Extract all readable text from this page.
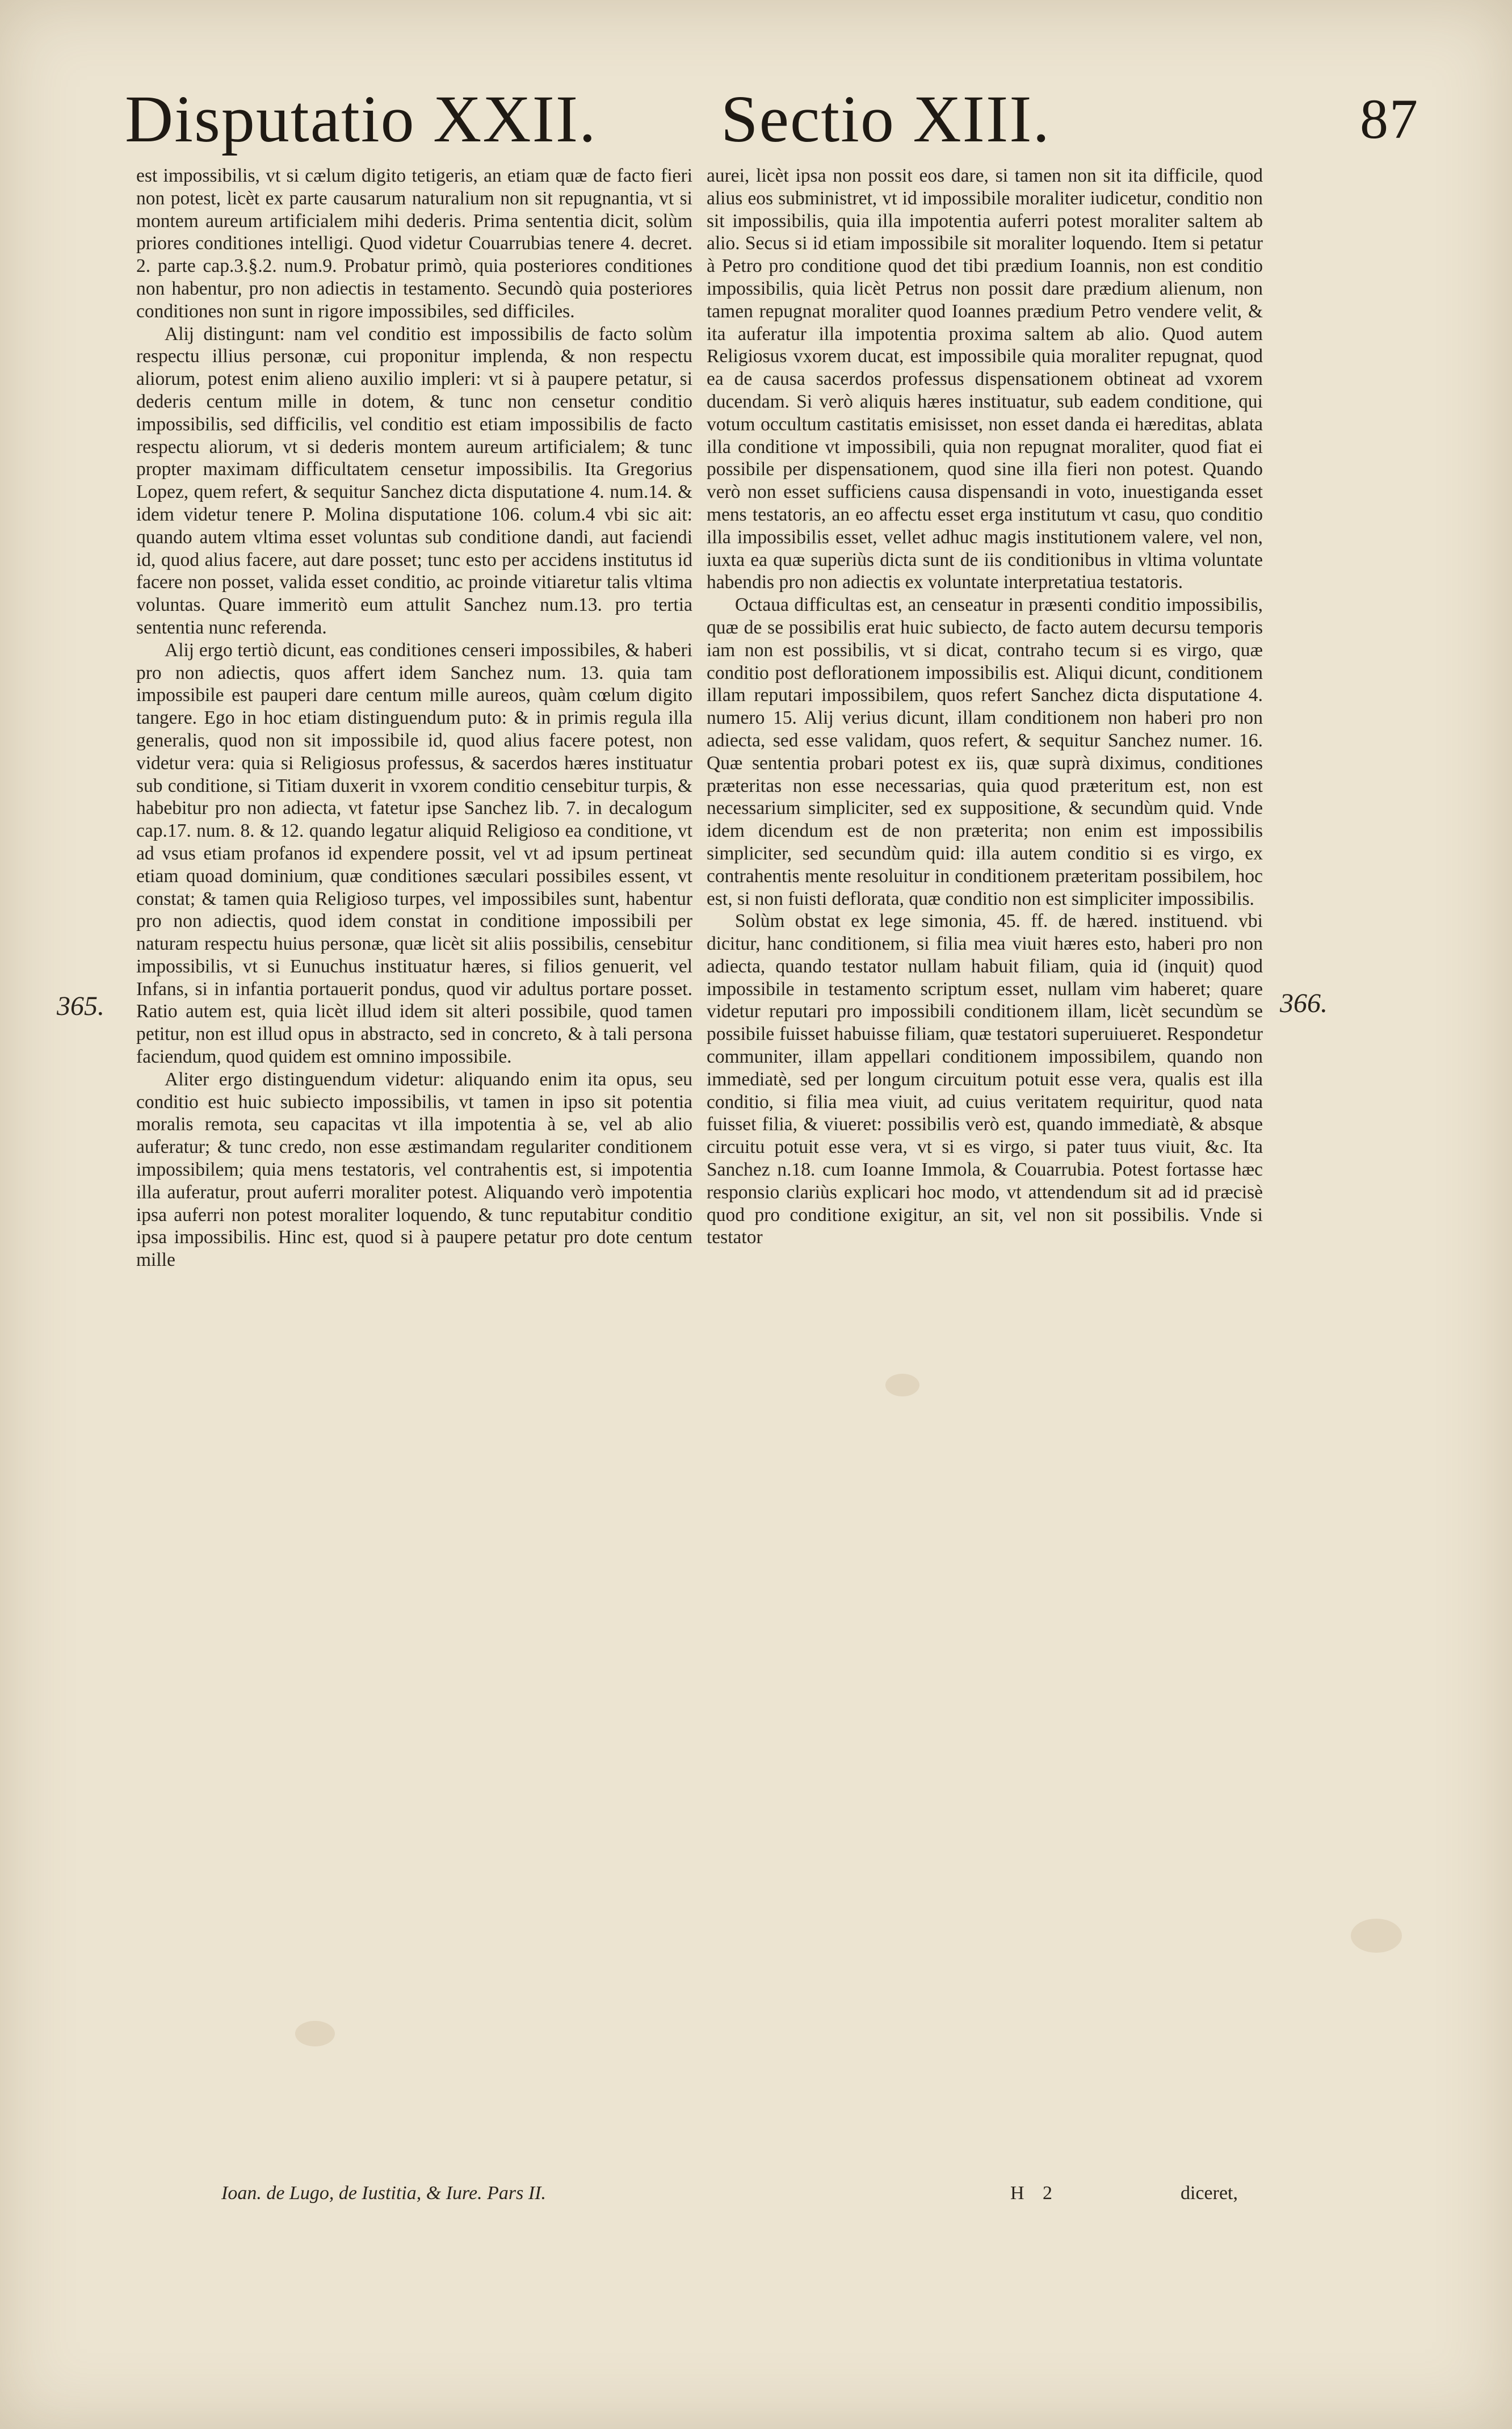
Disputatio XXII. Sectio XIII.	87

est impossibilis, vt si cælum digito tetigeris, an etiam quæ de facto fieri non potest, licèt ex parte causarum naturalium non sit repugnantia, vt si montem aureum artificialem mihi dederis. Prima sententia dicit, solùm priores conditiones intelligi. Quod videtur Couarrubias tenere 4. decret. 2. parte cap.3.§.2. num.9. Probatur primò, quia posteriores conditiones non habentur, pro non adiectis in testamento. Secundò quia posteriores conditiones non sunt in rigore impossibiles, sed difficiles.

Alij distingunt: nam vel conditio est impossibilis de facto solùm respectu illius personæ, cui proponitur implenda, & non respectu aliorum, potest enim alieno auxilio impleri: vt si à paupere petatur, si dederis centum mille in dotem, & tunc non censetur conditio impossibilis, sed difficilis, vel conditio est etiam impossibilis de facto respectu aliorum, vt si dederis montem aureum artificialem; & tunc propter maximam difficultatem censetur impossibilis. Ita Gregorius Lopez, quem refert, & sequitur Sanchez dicta disputatione 4. num.14. & idem videtur tenere P. Molina disputatione 106. colum.4 vbi sic ait: quando autem vltima esset voluntas sub conditione dandi, aut faciendi id, quod alius facere, aut dare posset; tunc esto per accidens institutus id facere non posset, valida esset conditio, ac proinde vitiaretur talis vltima voluntas. Quare immeritò eum attulit Sanchez num.13. pro tertia sententia nunc referenda.

Alij ergo tertiò dicunt, eas conditiones censeri impossibiles, & haberi pro non adiectis, quos affert idem Sanchez num. 13. quia tam impossibile est pauperi dare centum mille aureos, quàm cœlum digito tangere. Ego in hoc etiam distinguendum puto: & in primis regula illa generalis, quod non sit impossibile id, quod alius facere potest, non videtur vera: quia si Religiosus professus, & sacerdos hæres instituatur sub conditione, si Titiam duxerit in vxorem conditio censebitur turpis, & habebitur pro non adiecta, vt fatetur ipse Sanchez lib. 7. in decalogum cap.17. num. 8. & 12. quando legatur aliquid Religioso ea conditione, vt ad vsus etiam profanos id expendere possit, vel vt ad ipsum pertineat etiam quoad dominium, quæ conditiones sæculari possibiles essent, vt constat; & tamen quia Religioso turpes, vel impossibiles sunt, habentur pro non adiectis, quod idem constat in conditione impossibili per naturam respectu huius personæ, quæ licèt sit aliis possibilis, censebitur impossibilis, vt si Eunuchus instituatur hæres, si filios genuerit, vel Infans, si in infantia portauerit pondus, quod vir adultus portare posset. Ratio autem est, quia licèt illud idem sit alteri possibile, quod tamen petitur, non est illud opus in abstracto, sed in concreto, & à tali persona faciendum, quod quidem est omnino impossibile.

Aliter ergo distinguendum videtur: aliquando enim ita opus, seu conditio est huic subiecto impossibilis, vt tamen in ipso sit potentia moralis remota, seu capacitas vt illa impotentia à se, vel ab alio auferatur; & tunc credo, non esse æstimandam regulariter conditionem impossibilem; quia mens testatoris, vel contrahentis est, si impotentia illa auferatur, prout auferri moraliter potest. Aliquando verò impotentia ipsa auferri non potest moraliter loquendo, & tunc reputabitur conditio ipsa impossibilis. Hinc est, quod si à paupere petatur pro dote centum mille

aurei, licèt ipsa non possit eos dare, si tamen non sit ita difficile, quod alius eos subministret, vt id impossibile moraliter iudicetur, conditio non sit impossibilis, quia illa impotentia auferri potest moraliter saltem ab alio. Secus si id etiam impossibile sit moraliter loquendo. Item si petatur à Petro pro conditione quod det tibi prædium Ioannis, non est conditio impossibilis, quia licèt Petrus non possit dare prædium alienum, non tamen repugnat moraliter quod Ioannes prædium Petro vendere velit, & ita auferatur illa impotentia proxima saltem ab alio. Quod autem Religiosus vxorem ducat, est impossibile quia moraliter repugnat, quod ea de causa sacerdos professus dispensationem obtineat ad vxorem ducendam. Si verò aliquis hæres instituatur, sub eadem conditione, qui votum occultum castitatis emisisset, non esset danda ei hæreditas, ablata illa conditione vt impossibili, quia non repugnat moraliter, quod fiat ei possibile per dispensationem, quod sine illa fieri non potest. Quando verò non esset sufficiens causa dispensandi in voto, inuestiganda esset mens testatoris, an eo affectu esset erga institutum vt casu, quo conditio illa impossibilis esset, vellet adhuc magis institutionem valere, vel non, iuxta ea quæ superiùs dicta sunt de iis conditionibus in vltima voluntate habendis pro non adiectis ex voluntate interpretatiua testatoris.

Octaua difficultas est, an censeatur in præsenti conditio impossibilis, quæ de se possibilis erat huic subiecto, de facto autem decursu temporis iam non est possibilis, vt si dicat, contraho tecum si es virgo, quæ conditio post deflorationem impossibilis est. Aliqui dicunt, conditionem illam reputari impossibilem, quos refert Sanchez dicta disputatione 4. numero 15. Alij verius dicunt, illam conditionem non haberi pro non adiecta, sed esse validam, quos refert, & sequitur Sanchez numer. 16. Quæ sententia probari potest ex iis, quæ suprà diximus, conditiones præteritas non esse necessarias, quia quod præteritum est, non est necessarium simpliciter, sed ex suppositione, & secundùm quid. Vnde idem dicendum est de non præterita; non enim est impossibilis simpliciter, sed secundùm quid: illa autem conditio si es virgo, ex contrahentis mente resoluitur in conditionem præteritam possibilem, hoc est, si non fuisti deflorata, quæ conditio non est simpliciter impossibilis.

Solùm obstat ex lege simonia, 45. ff. de hæred. instituend. vbi dicitur, hanc conditionem, si filia mea viuit hæres esto, haberi pro non adiecta, quando testator nullam habuit filiam, quia id (inquit) quod impossibile in testamento scriptum esset, nullam vim haberet; quare videtur reputari pro impossibili conditionem illam, licèt secundùm se possibile fuisset habuisse filiam, quæ testatori superuiueret. Respondetur communiter, illam appellari conditionem impossibilem, quando non immediatè, sed per longum circuitum potuit esse vera, qualis est illa conditio, si filia mea viuit, ad cuius veritatem requiritur, quod nata fuisset filia, & viueret: possibilis verò est, quando immediatè, & absque circuitu potuit esse vera, vt si es virgo, si pater tuus viuit, &c. Ita Sanchez n.18. cum Ioanne Immola, & Couarrubia. Potest fortasse hæc responsio clariùs explicari hoc modo, vt attendendum sit ad id præcisè quod pro conditione exigitur, an sit, vel non sit possibilis. Vnde si testator

365.	366.
Ioan. de Lugo, de Iustitia, & Iure. Pars II.	H 2	diceret,
